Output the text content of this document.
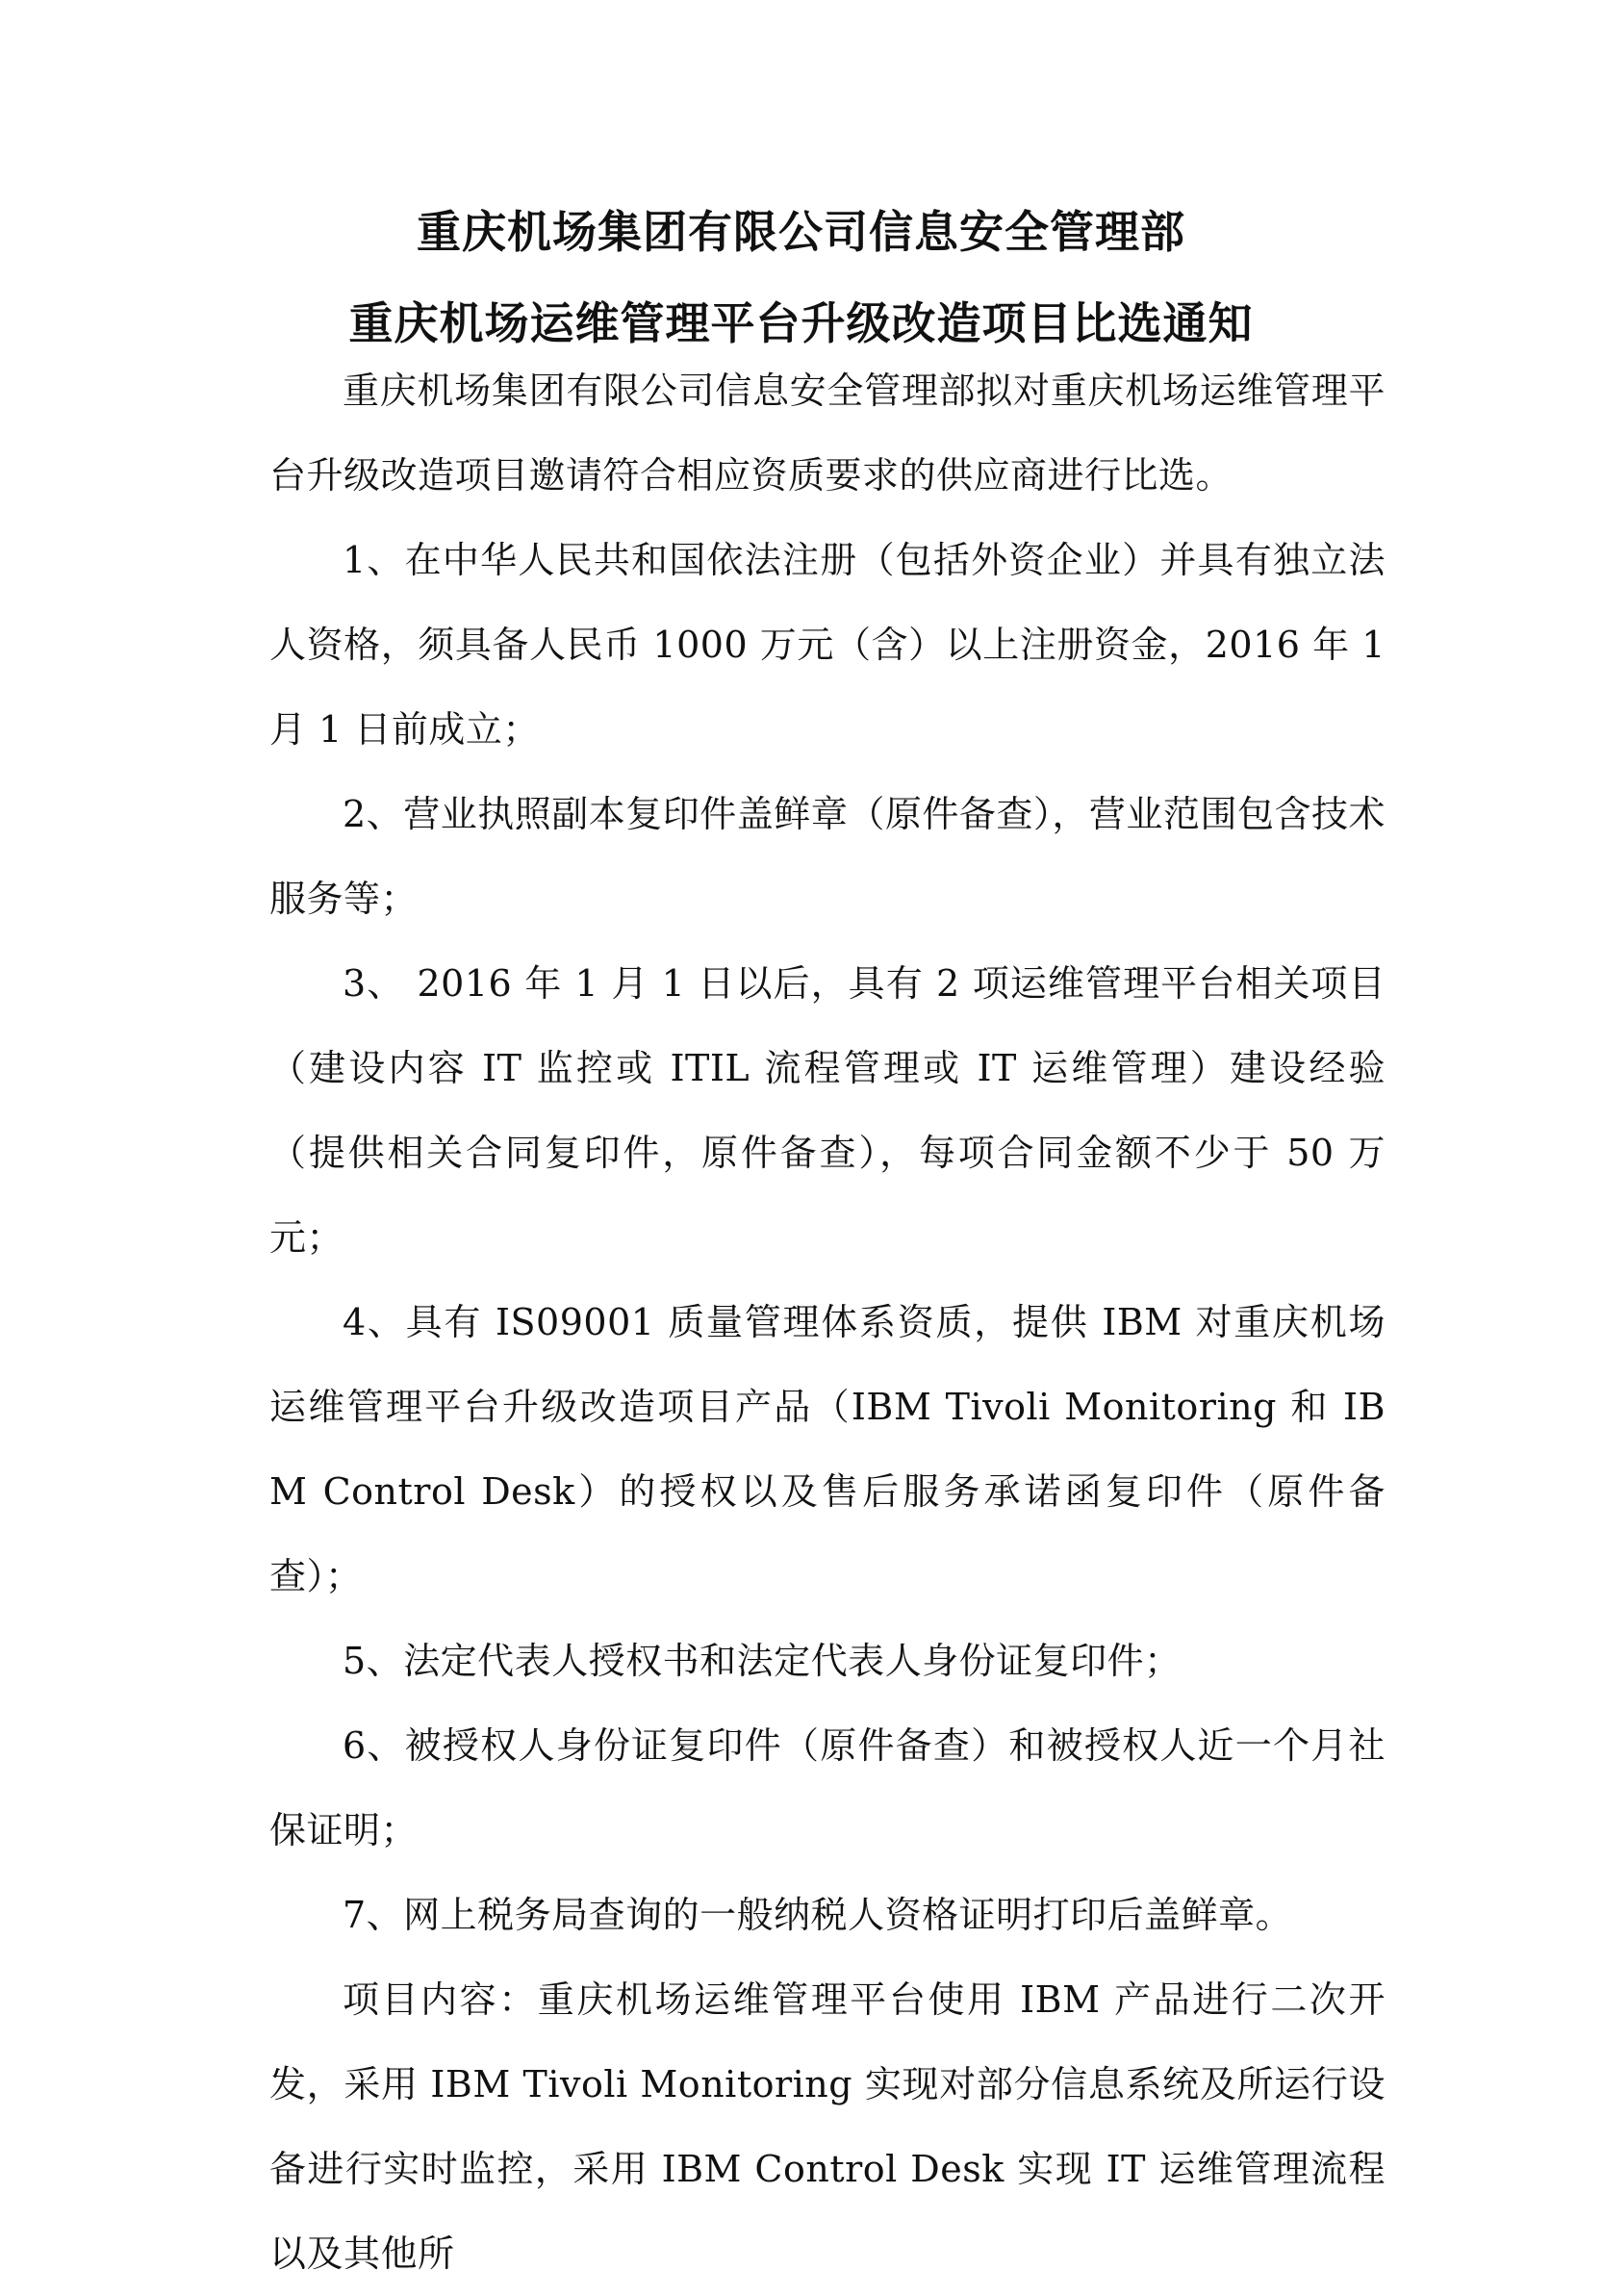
重庆机场集团有限公司信息安全管理部
重庆机场运维管理平台升级改造项目比选通知

重庆机场集团有限公司信息安全管理部拟对重庆机场运维管理平台升级改造项目邀请符合相应资质要求的供应商进行比选。

1、在中华人民共和国依法注册（包括外资企业）并具有独立法人资格，须具备人民币 1000 万元（含）以上注册资金，2016 年 1 月 1 日前成立；

2、营业执照副本复印件盖鲜章（原件备查），营业范围包含技术服务等；

3、 2016 年 1 月 1 日以后，具有 2 项运维管理平台相关项目（建设内容 IT 监控或 ITIL 流程管理或 IT 运维管理）建设经验（提供相关合同复印件，原件备查），每项合同金额不少于 50 万元；

4、具有 IS09001 质量管理体系资质，提供 IBM 对重庆机场运维管理平台升级改造项目产品（IBM Tivoli Monitoring 和 IBM Control Desk）的授权以及售后服务承诺函复印件（原件备查）；

5、法定代表人授权书和法定代表人身份证复印件；

6、被授权人身份证复印件（原件备查）和被授权人近一个月社保证明；

7、网上税务局查询的一般纳税人资格证明打印后盖鲜章。

项目内容：重庆机场运维管理平台使用 IBM 产品进行二次开发，采用 IBM Tivoli Monitoring 实现对部分信息系统及所运行设备进行实时监控，采用 IBM Control Desk 实现 IT 运维管理流程以及其他所
